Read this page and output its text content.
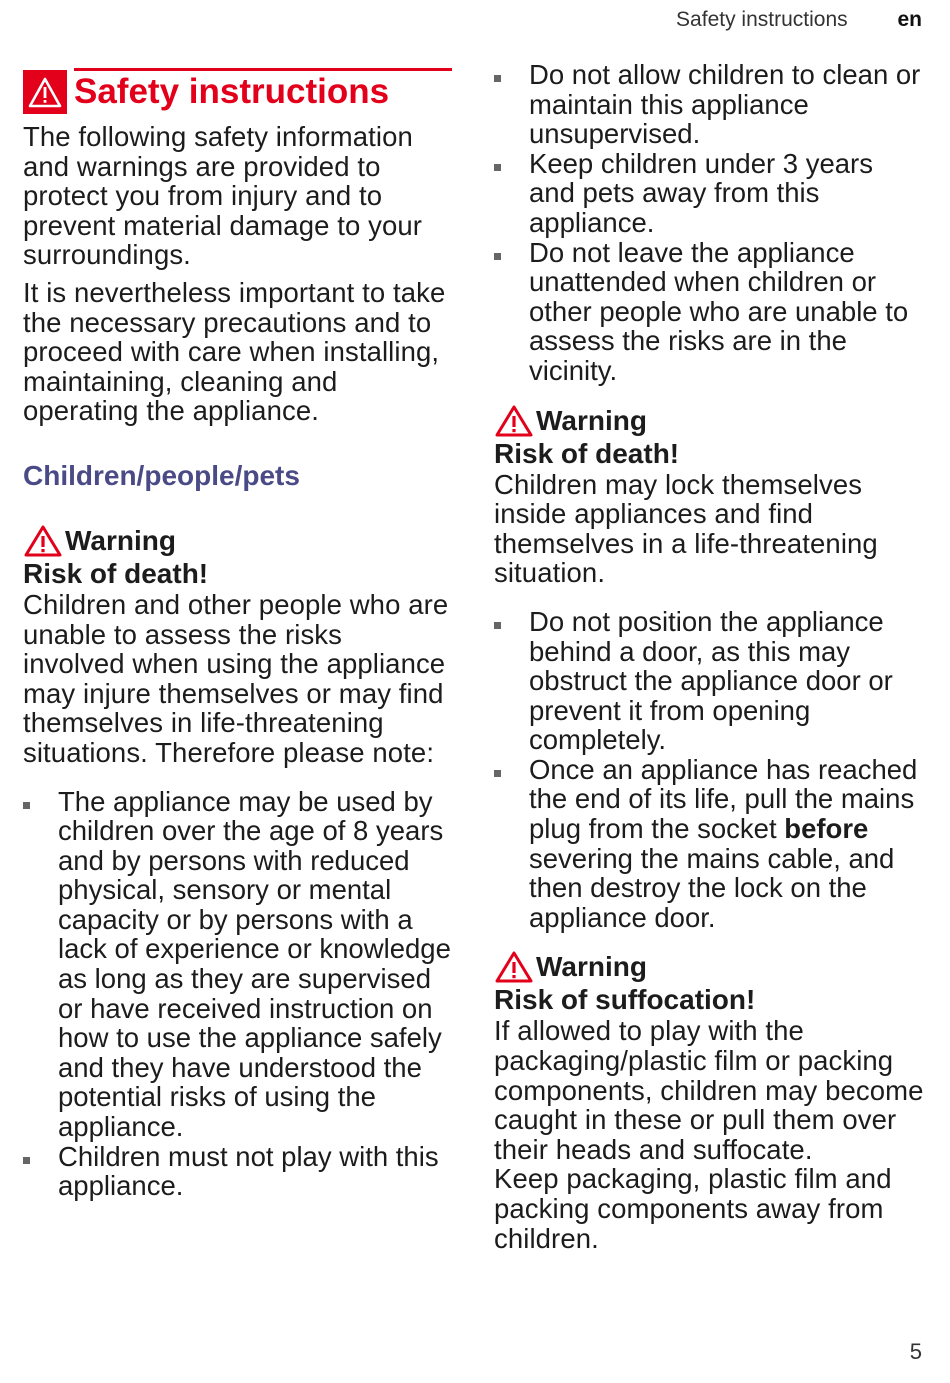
Safety instructions en
Safety instructions

The following safety information and warnings are provided to protect you from injury and to prevent material damage to your surroundings.

It is nevertheless important to take the necessary precautions and to proceed with care when installing, maintaining, cleaning and operating the appliance.

Children/people/pets
Warning
Risk of death!

Children and other people who are unable to assess the risks involved when using the appliance may injure themselves or may find themselves in life-threatening situations. Therefore please note:

The appliance may be used by children over the age of 8 years and by persons with reduced physical, sensory or mental capacity or by persons with a lack of experience or knowledge as long as they are supervised or have received instruction on how to use the appliance safely and they have understood the potential risks of using the appliance.
Children must not play with this appliance.
Do not allow children to clean or maintain this appliance unsupervised.
Keep children under 3 years and pets away from this appliance.
Do not leave the appliance unattended when children or other people who are unable to assess the risks are in the vicinity.
Warning
Risk of death!

Children may lock themselves inside appliances and find themselves in a life-threatening situation.

Do not position the appliance behind a door, as this may obstruct the appliance door or prevent it from opening completely.
Once an appliance has reached the end of its life, pull the mains plug from the socket before severing the mains cable, and then destroy the lock on the appliance door.
Warning
Risk of suffocation!

If allowed to play with the packaging/plastic film or packing components, children may become caught in these or pull them over their heads and suffocate.

Keep packaging, plastic film and packing components away from children.

5
